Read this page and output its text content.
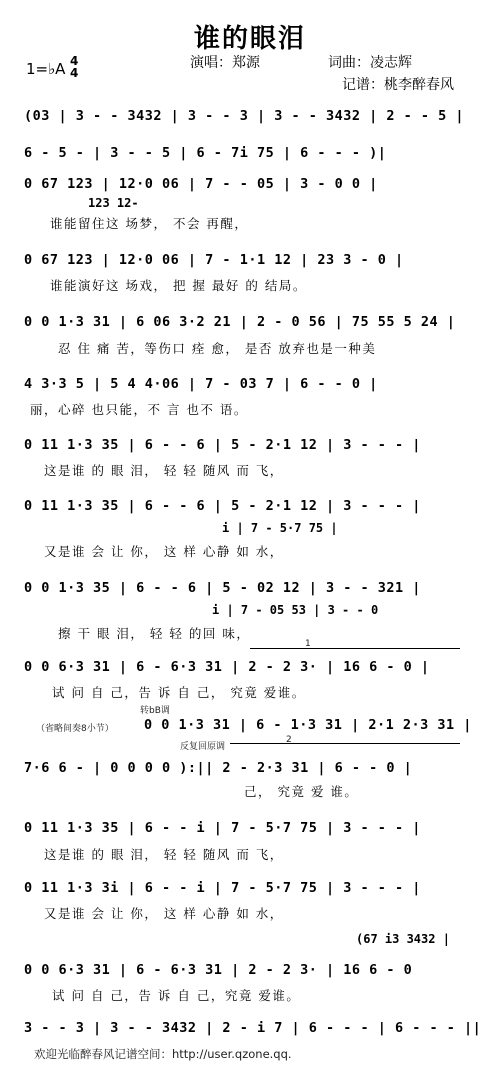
谁的眼泪
1=♭A 4
4
演唱：郑源	词曲：凌志辉
记谱：桃李醉春风
(03 | 3 - - 3432 | 3 - - 3 | 3 - - 3432 | 2 - - 5 |
6 - 5 - | 3 - - 5 | 6 - 7i 75 | 6 - - - )|
0 67 123 | 12·0 06 | 7 - - 05 | 3 - 0 0 |
123 12-
谁能留住这 场梦， 不会 再醒，
0 67 123 | 12·0 06 | 7 - 1·1 12 | 23 3 - 0 |
谁能演好这 场戏， 把 握 最好 的 结局。
0 0 1·3 31 | 6 06 3·2 21 | 2 - 0 56 | 75 55 5 24 |
忍 住 痛 苦，等伤口 痊 愈， 是否 放弃也是一种美
4 3·3 5 | 5 4 4·06 | 7 - 03 7 | 6 - - 0 |
丽，心碎 也只能，不 言 也不 语。
0 11 1·3 35 | 6 - - 6 | 5 - 2·1 12 | 3 - - - |
这是谁 的 眼 泪， 轻 轻 随风 而 飞，
0 11 1·3 35 | 6 - - 6 | 5 - 2·1 12 | 3 - - - |
i | 7 - 5·7 75 |
又是谁 会 让 你， 这 样 心静 如 水，
0 0 1·3 35 | 6 - - 6 | 5 - 02 12 | 3 - - 321 |
i | 7 - 05 53 | 3 - - 0
擦 干 眼 泪， 轻 轻 的回 味，
1
0 0 6·3 31 | 6 - 6·3 31 | 2 - 2 3· | 16 6 - 0 |
试 问 自 己，告 诉 自 己， 究竟 爱谁。
转bB调
（省略间奏8小节） 0 0 1·3 31 | 6 - 1·3 31 | 2·1 2·3 31 |
反复回原调
2
7·6 6 - | 0 0 0 0 ):|| 2 - 2·3 31 | 6 - - 0 |
己， 究竟 爱 谁。
0 11 1·3 35 | 6 - - i | 7 - 5·7 75 | 3 - - - |
这是谁 的 眼 泪， 轻 轻 随风 而 飞，
0 11 1·3 3i | 6 - - i | 7 - 5·7 75 | 3 - - - |
又是谁 会 让 你， 这 样 心静 如 水，
(67 i3 3432 |
0 0 6·3 31 | 6 - 6·3 31 | 2 - 2 3· | 16 6 - 0
试 问 自 己，告 诉 自 己，究竟 爱谁。
3 - - 3 | 3 - - 3432 | 2 - i 7 | 6 - - - | 6 - - - ||
欢迎光临醉春风记谱空间：http://user.qzone.qq.
